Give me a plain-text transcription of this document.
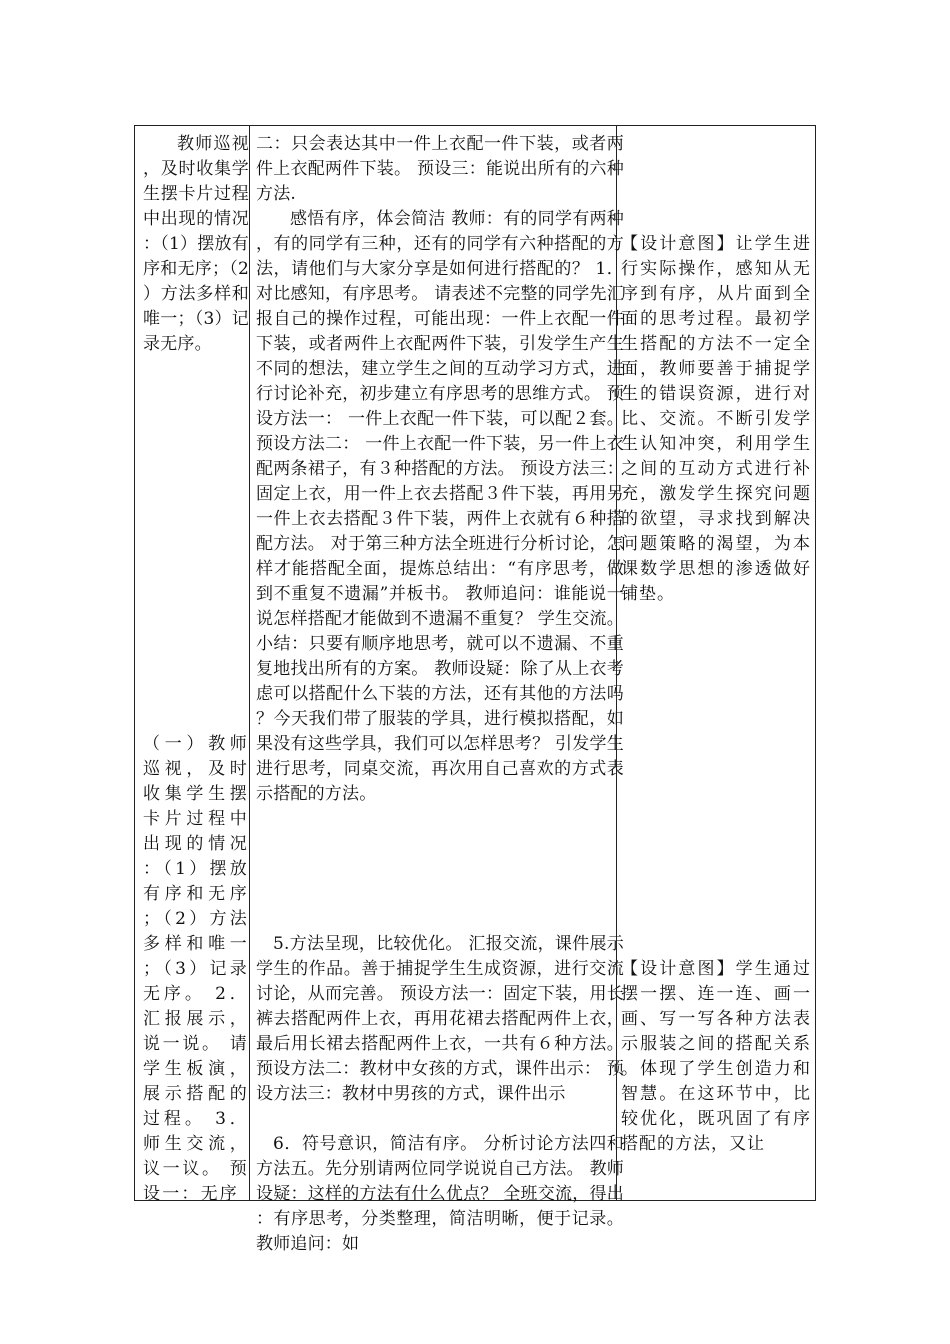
教师巡视，及时收集学生摆卡片过程中出现的情况：（1）摆放有序和无序；（2）方法多样和唯一；（3）记录无序。

（一）教师巡视，及时收集学生摆卡片过程中出现的情况：（1）摆放有序和无序；（2）方法多样和唯一；（3）记录无序。 2．汇报展示，说一说。 请学生板演，展示搭配的过程。 3．师生交流，议一议。 预设一：无序

二：只会表达其中一件上衣配一件下装，或者两件上衣配两件下装。 预设三：能说出所有的六种方法.

感悟有序，体会简洁 教师：有的同学有两种，有的同学有三种，还有的同学有六种搭配的方法，请他们与大家分享是如何进行搭配的？ 1．对比感知，有序思考。 请表述不完整的同学先汇报自己的操作过程，可能出现：一件上衣配一件下装，或者两件上衣配两件下装，引发学生产生不同的想法，建立学生之间的互动学习方式，进行讨论补充，初步建立有序思考的思维方式。 预设方法一： 一件上衣配一件下装，可以配２套。 预设方法二： 一件上衣配一件下装，另一件上衣配两条裙子，有３种搭配的方法。 预设方法三： 固定上衣，用一件上衣去搭配３件下装，再用另一件上衣去搭配３件下装，两件上衣就有６种搭配方法。 对于第三种方法全班进行分析讨论，怎样才能搭配全面，提炼总结出：“有序思考，做到不重复不遗漏”并板书。 教师追问：谁能说一说怎样搭配才能做到不遗漏不重复？ 学生交流。 小结：只要有顺序地思考，就可以不遗漏、不重复地找出所有的方案。 教师设疑：除了从上衣考虑可以搭配什么下装的方法，还有其他的方法吗？今天我们带了服装的学具，进行模拟搭配，如果没有这些学具，我们可以怎样思考？ 引发学生进行思考，同桌交流，再次用自己喜欢的方式表示搭配的方法。

5.方法呈现，比较优化。 汇报交流，课件展示学生的作品。善于捕捉学生生成资源，进行交流讨论，从而完善。 预设方法一：固定下装，用长裤去搭配两件上衣，再用花裙去搭配两件上衣，最后用长裙去搭配两件上衣，一共有６种方法。 预设方法二：教材中女孩的方式，课件出示： 预设方法三：教材中男孩的方式，课件出示

6．符号意识，简洁有序。 分析讨论方法四和方法五。先分别请两位同学说说自己方法。 教师设疑：这样的方法有什么优点？ 全班交流，得出：有序思考，分类整理，简洁明晰，便于记录。 教师追问：如

【设计意图】让学生进行实际操作，感知从无序到有序，从片面到全面的思考过程。最初学生搭配的方法不一定全面，教师要善于捕捉学生的错误资源，进行对比、交流。不断引发学生认知冲突，利用学生之间的互动方式进行补充，激发学生探究问题的欲望，寻求找到解决问题策略的渴望，为本课数学思想的渗透做好铺垫。

【设计意图】学生通过摆一摆、连一连、画一画、写一写各种方法表示服装之间的搭配关系。体现了学生创造力和智慧。在这环节中，比较优化，既巩固了有序搭配的方法，又让
